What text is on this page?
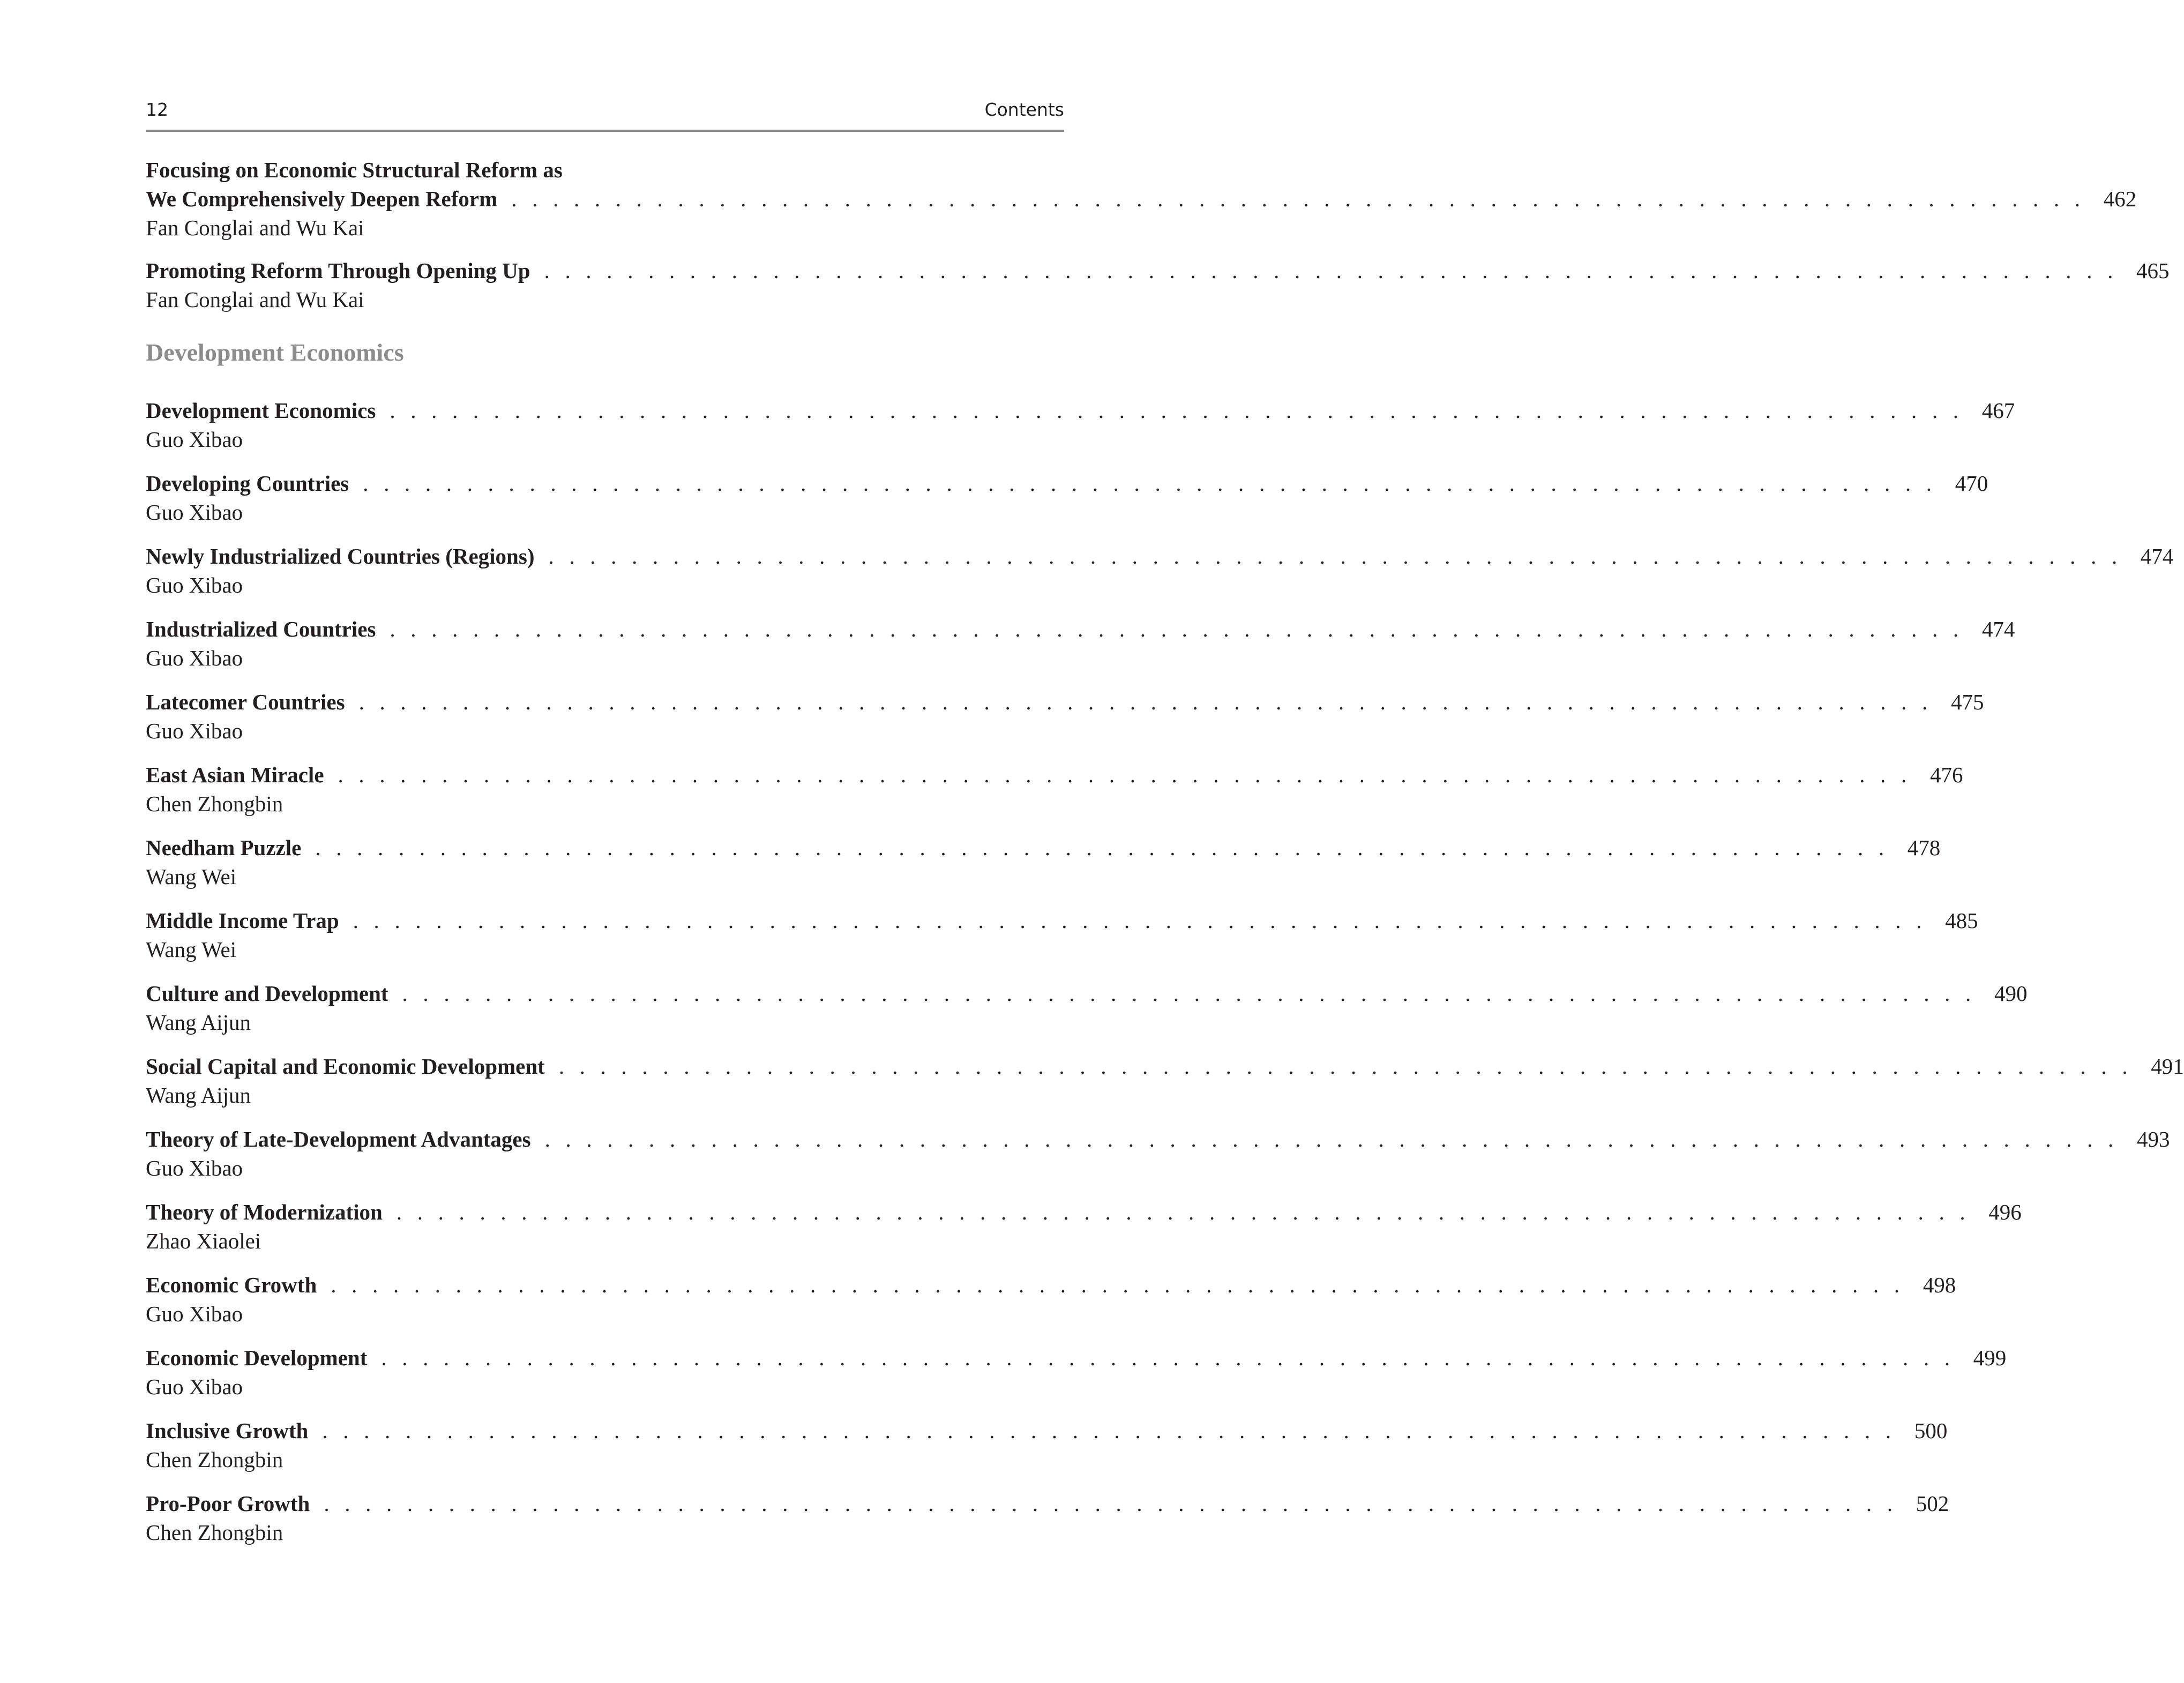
12	Contents
Focusing on Economic Structural Reform as
We Comprehensively Deepen Reform . . . . . . . . . . . . . . . . . . . . . . . . . . . . . . . . . . . . . . . . . . . . . . . . . . . . . . . . . . . . . . . . . . . . . . . . . . . . 462
Fan Conglai and Wu Kai
Promoting Reform Through Opening Up . . . . . . . . . . . . . . . . . . . . . . . . . . . . . . . . . . . . . . . . . . . . . . . . . . . . . . . . . . . . . . . . . . . . . . . . . . . . 465
Fan Conglai and Wu Kai
Development Economics . . . . . . . . . . . . . . . . . . . . . . . . . . . . . . . . . . . . . . . . . . . . . . . . . . . . . . . . . . . . . . . . . . . . . . . . . . . . 467
Guo Xibao
Developing Countries . . . . . . . . . . . . . . . . . . . . . . . . . . . . . . . . . . . . . . . . . . . . . . . . . . . . . . . . . . . . . . . . . . . . . . . . . . . . 470
Guo Xibao
Newly Industrialized Countries (Regions) . . . . . . . . . . . . . . . . . . . . . . . . . . . . . . . . . . . . . . . . . . . . . . . . . . . . . . . . . . . . . . . . . . . . . . . . . . . . 474
Guo Xibao
Industrialized Countries . . . . . . . . . . . . . . . . . . . . . . . . . . . . . . . . . . . . . . . . . . . . . . . . . . . . . . . . . . . . . . . . . . . . . . . . . . . . 474
Guo Xibao
Latecomer Countries . . . . . . . . . . . . . . . . . . . . . . . . . . . . . . . . . . . . . . . . . . . . . . . . . . . . . . . . . . . . . . . . . . . . . . . . . . . . 475
Guo Xibao
East Asian Miracle . . . . . . . . . . . . . . . . . . . . . . . . . . . . . . . . . . . . . . . . . . . . . . . . . . . . . . . . . . . . . . . . . . . . . . . . . . . . 476
Chen Zhongbin
Needham Puzzle . . . . . . . . . . . . . . . . . . . . . . . . . . . . . . . . . . . . . . . . . . . . . . . . . . . . . . . . . . . . . . . . . . . . . . . . . . . . 478
Wang Wei
Middle Income Trap . . . . . . . . . . . . . . . . . . . . . . . . . . . . . . . . . . . . . . . . . . . . . . . . . . . . . . . . . . . . . . . . . . . . . . . . . . . . 485
Wang Wei
Culture and Development . . . . . . . . . . . . . . . . . . . . . . . . . . . . . . . . . . . . . . . . . . . . . . . . . . . . . . . . . . . . . . . . . . . . . . . . . . . . 490
Wang Aijun
Social Capital and Economic Development . . . . . . . . . . . . . . . . . . . . . . . . . . . . . . . . . . . . . . . . . . . . . . . . . . . . . . . . . . . . . . . . . . . . . . . . . . . . 491
Wang Aijun
Theory of Late-Development Advantages . . . . . . . . . . . . . . . . . . . . . . . . . . . . . . . . . . . . . . . . . . . . . . . . . . . . . . . . . . . . . . . . . . . . . . . . . . . . 493
Guo Xibao
Theory of Modernization . . . . . . . . . . . . . . . . . . . . . . . . . . . . . . . . . . . . . . . . . . . . . . . . . . . . . . . . . . . . . . . . . . . . . . . . . . . . 496
Zhao Xiaolei
Economic Growth . . . . . . . . . . . . . . . . . . . . . . . . . . . . . . . . . . . . . . . . . . . . . . . . . . . . . . . . . . . . . . . . . . . . . . . . . . . . 498
Guo Xibao
Economic Development . . . . . . . . . . . . . . . . . . . . . . . . . . . . . . . . . . . . . . . . . . . . . . . . . . . . . . . . . . . . . . . . . . . . . . . . . . . . 499
Guo Xibao
Inclusive Growth . . . . . . . . . . . . . . . . . . . . . . . . . . . . . . . . . . . . . . . . . . . . . . . . . . . . . . . . . . . . . . . . . . . . . . . . . . . . 500
Chen Zhongbin
Pro-Poor Growth . . . . . . . . . . . . . . . . . . . . . . . . . . . . . . . . . . . . . . . . . . . . . . . . . . . . . . . . . . . . . . . . . . . . . . . . . . . . 502
Chen Zhongbin
Development Economics
